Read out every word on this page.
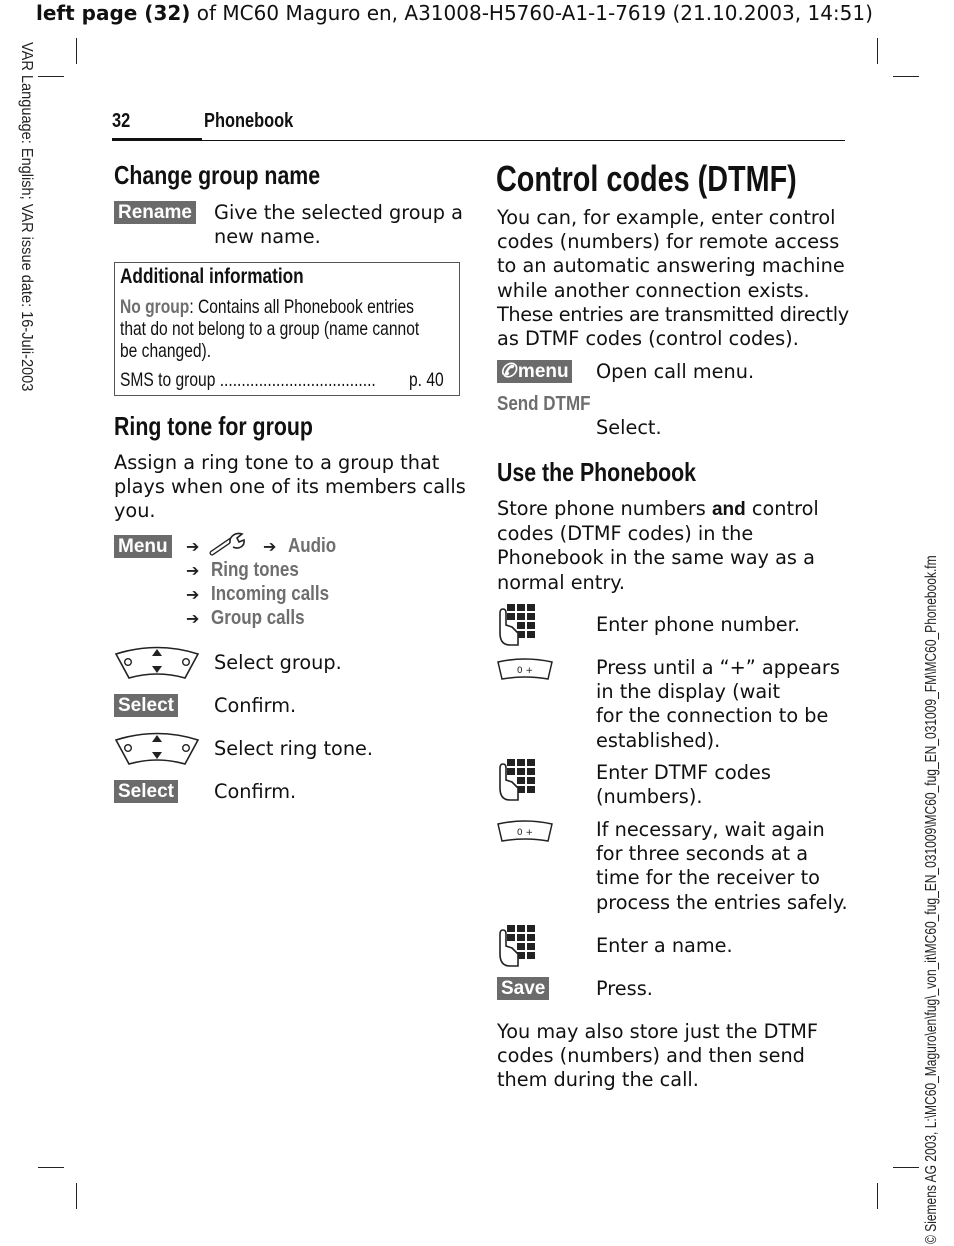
left page (32) of MC60 Maguro en, A31008-H5760-A1-1-7619 (21.10.2003, 14:51)
VAR Language: English; VAR issue date: 16-Juli-2003
© Siemens AG 2003, L:\MC60_Maguro\en\fug\_von_it\MC60_fug_EN_031009\MC60_fug_EN_031009_FM\MC60_Phonebook.fm
32	Phonebook
Change group name
Rename Give the selected group a
new name.
Additional information
No group: Contains all Phonebook entries
that do not belong to a group (name cannot
be changed).
SMS to group ....................................	p. 40
Ring tone for group
Assign a ring tone to a group that
plays when one of its members calls
you.
Menu ➔	➔ Audio
➔ Ring tones
➔ Incoming calls
➔ Group calls
Select group.
Select Confirm.
Select ring tone.
Select Confirm.
Control codes (DTMF)
You can, for example, enter control
codes (numbers) for remote access
to an automatic answering machine
while another connection exists.
These entries are transmitted directly
as DTMF codes (control codes).
✆ menu Open call menu.
Send DTMF
Select.
Use the Phonebook
Store phone numbers and control
codes (DTMF codes) in the
Phonebook in the same way as a
normal entry.
Enter phone number.
0 +	Press until a “+” appears
in the display (wait
for the connection to be
established).
Enter DTMF codes
(numbers).
0 +	If necessary, wait again
for three seconds at a
time for the receiver to
process the entries safely.
Enter a name.
Save	Press.
You may also store just the DTMF
codes (numbers) and then send
them during the call.
